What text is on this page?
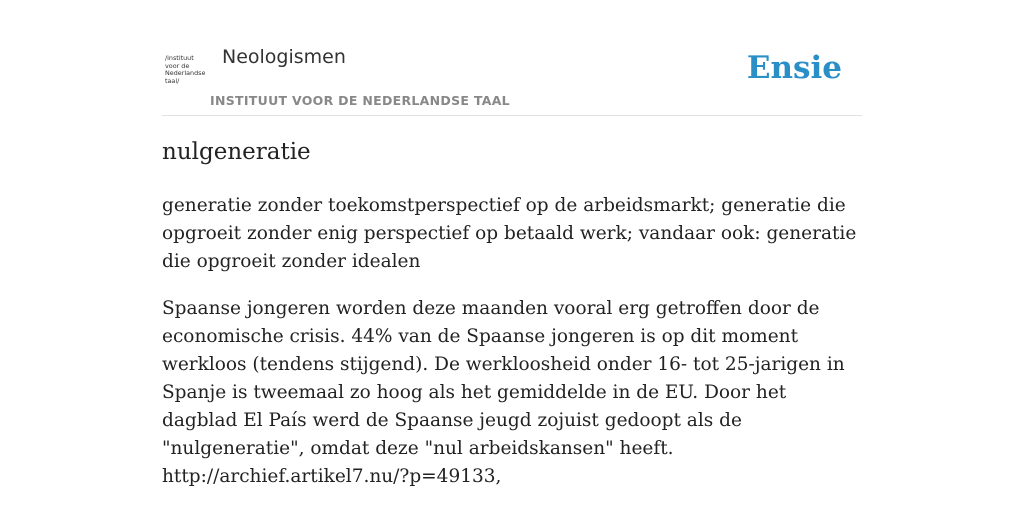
/instituut
voor de
Nederlandse
taal/
Neologismen
INSTITUUT VOOR DE NEDERLANDSE TAAL
Ensie
nulgeneratie

generatie zonder toekomstperspectief op de arbeidsmarkt; generatie die opgroeit zonder enig perspectief op betaald werk; vandaar ook: generatie die opgroeit zonder idealen

Spaanse jongeren worden deze maanden vooral erg getroffen door de economische crisis. 44% van de Spaanse jongeren is op dit moment werkloos (tendens stijgend). De werkloosheid onder 16- tot 25-jarigen in Spanje is tweemaal zo hoog als het gemiddelde in de EU. Door het dagblad El País werd de Spaanse jeugd zojuist gedoopt als de "nulgeneratie", omdat deze "nul arbeidskansen" heeft.
http://archief.artikel7.nu/?p=49133,
